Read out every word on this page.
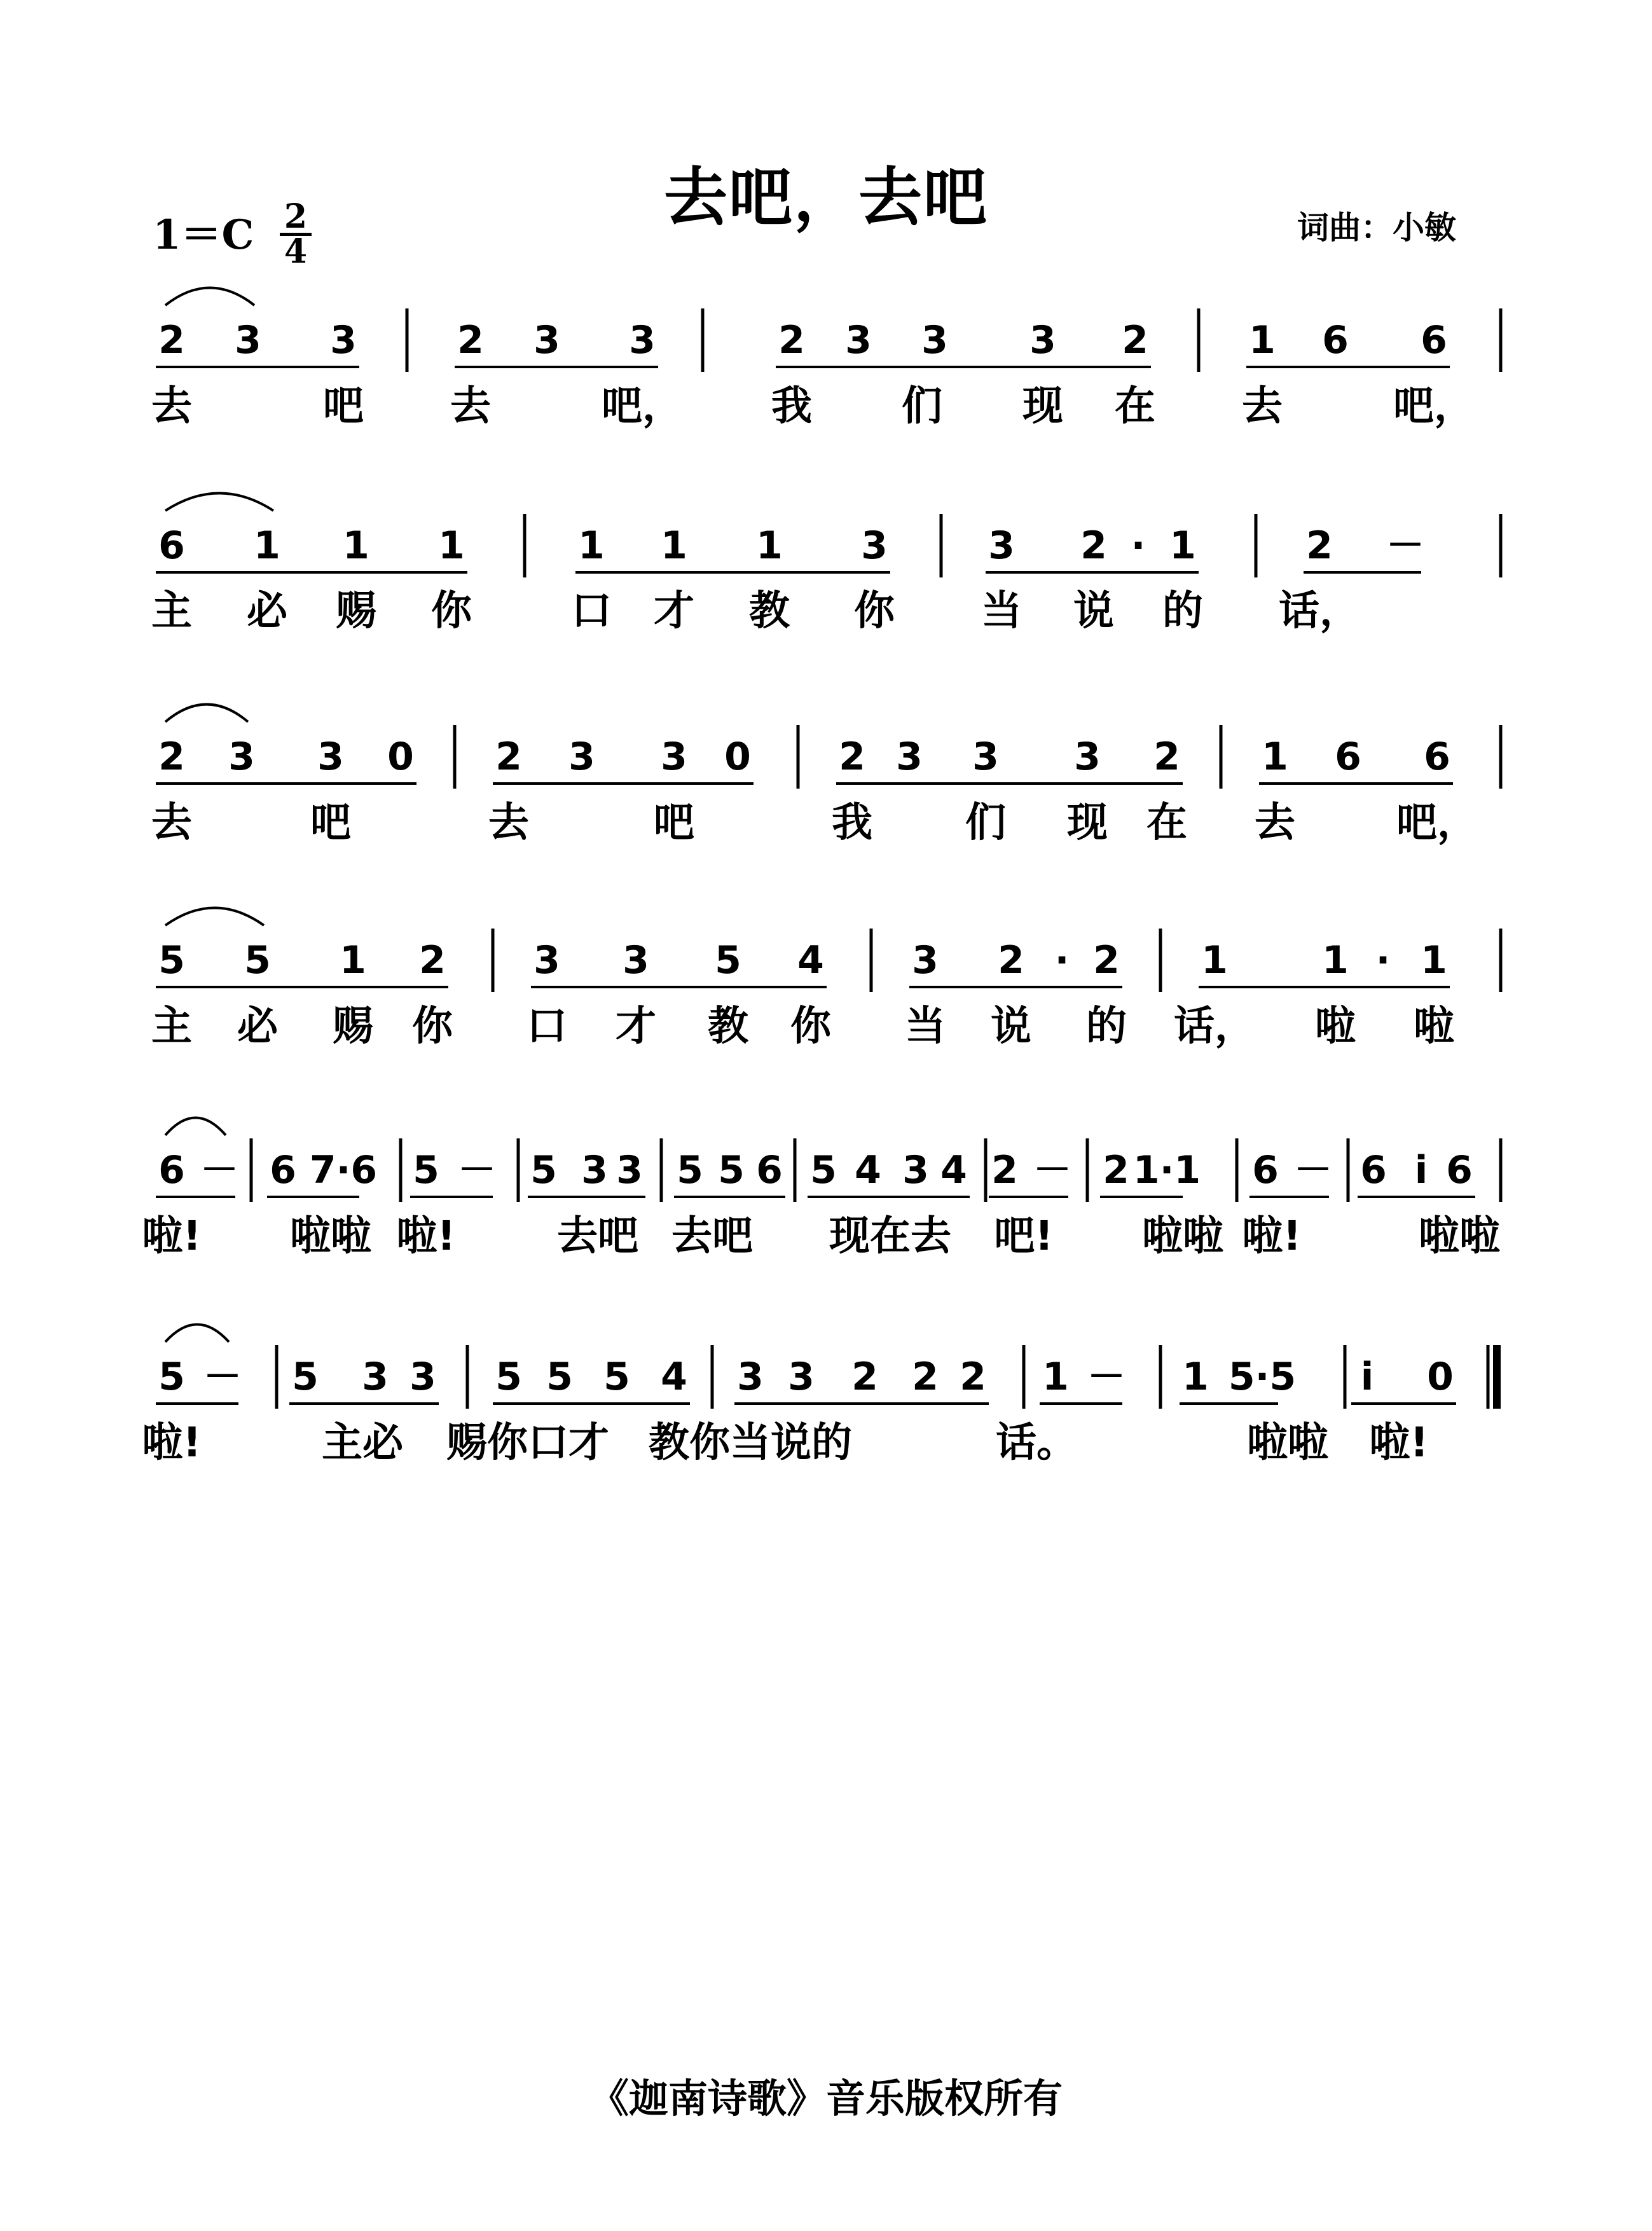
去吧，去吧
1＝C 2
4
词曲：小敏
2 3 3	2 3 3	2 3 3 3 2	1 6 6
去	吧 去	吧， 我 们 现 在 去	吧，
6 1 1 1	1 1 1 3	3 2 · 1	2 －
主 必 赐 你 口 才 教 你 当 说 的 话，
2 3 3 0 2 3 3 0 2 3 3 3 2 1 6 6
去	吧	去	吧	我 们 现 在 去 吧，
5 5 1 2 3 3 5 4 3 2 · 2 1 1 · 1
主 必 赐 你 口 才 教 你 当 说 的 话， 啦 啦
6 － 6 7·6 5 － 5 3 3 5 5 6 5 4 3 4 2 － 2 1·1 6 － 6 i 6
啦! 啦啦 啦! 去吧 去吧 现在去 吧! 啦啦 啦!	啦啦
5 － 5 3 3 5 5 5 4 3 3 2 2 2 1 － 1 5·5 i 0
啦!	主必 赐你口才 教你当说的	话。	啦啦 啦!
《迦南诗歌》音乐版权所有
